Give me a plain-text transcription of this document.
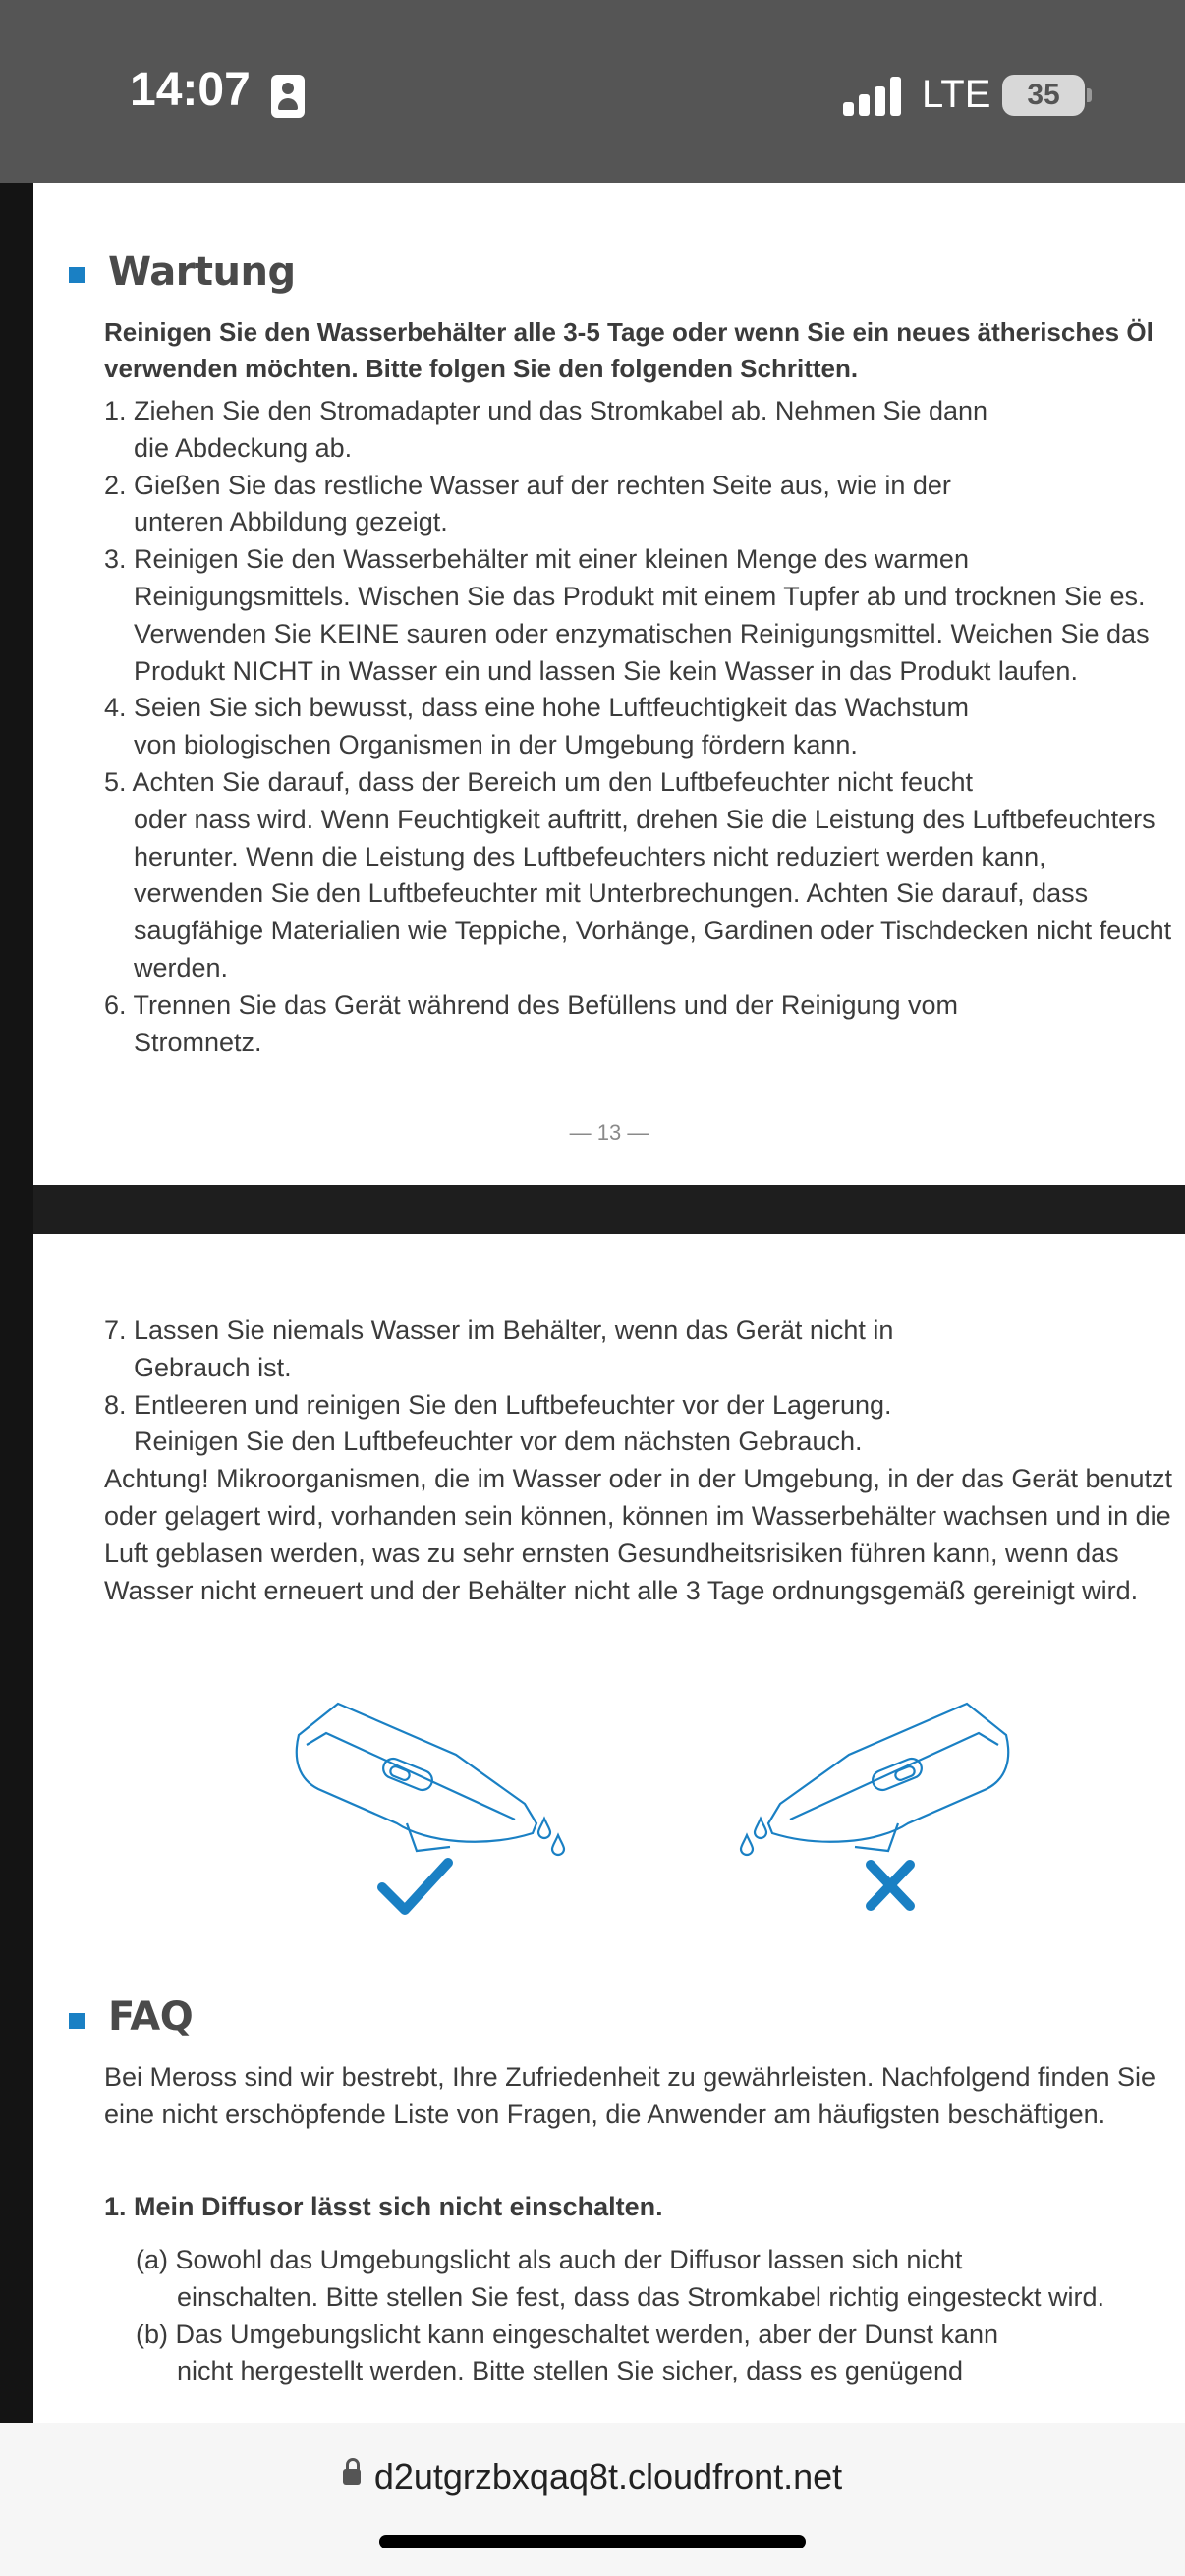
14:07	LTE	35
Wartung
Reinigen Sie den Wasserbehälter alle 3-5 Tage oder wenn Sie ein neues ätherisches Öl verwenden möchten. Bitte folgen Sie den folgenden Schritten.
1. Ziehen Sie den Stromadapter und das Stromkabel ab. Nehmen Sie dann
die Abdeckung ab.
2. Gießen Sie das restliche Wasser auf der rechten Seite aus, wie in der
unteren Abbildung gezeigt.
3. Reinigen Sie den Wasserbehälter mit einer kleinen Menge des warmen
Reinigungsmittels. Wischen Sie das Produkt mit einem Tupfer ab und trocknen Sie es. Verwenden Sie KEINE sauren oder enzymatischen Reinigungsmittel. Weichen Sie das Produkt NICHT in Wasser ein und lassen Sie kein Wasser in das Produkt laufen.
4. Seien Sie sich bewusst, dass eine hohe Luftfeuchtigkeit das Wachstum
von biologischen Organismen in der Umgebung fördern kann.
5. Achten Sie darauf, dass der Bereich um den Luftbefeuchter nicht feucht
oder nass wird. Wenn Feuchtigkeit auftritt, drehen Sie die Leistung des Luftbefeuchters herunter. Wenn die Leistung des Luftbefeuchters nicht reduziert werden kann, verwenden Sie den Luftbefeuchter mit Unterbrechungen. Achten Sie darauf, dass saugfähige Materialien wie Teppiche, Vorhänge, Gardinen oder Tischdecken nicht feucht werden.
6. Trennen Sie das Gerät während des Befüllens und der Reinigung vom
Stromnetz.
— 13 —
7. Lassen Sie niemals Wasser im Behälter, wenn das Gerät nicht in
Gebrauch ist.
8. Entleeren und reinigen Sie den Luftbefeuchter vor der Lagerung.
Reinigen Sie den Luftbefeuchter vor dem nächsten Gebrauch.
Achtung! Mikroorganismen, die im Wasser oder in der Umgebung, in der das Gerät benutzt oder gelagert wird, vorhanden sein können, können im Wasserbehälter wachsen und in die Luft geblasen werden, was zu sehr ernsten Gesundheitsrisiken führen kann, wenn das Wasser nicht erneuert und der Behälter nicht alle 3 Tage ordnungsgemäß gereinigt wird.
FAQ
Bei Meross sind wir bestrebt, Ihre Zufriedenheit zu gewährleisten. Nachfolgend finden Sie eine nicht erschöpfende Liste von Fragen, die Anwender am häufigsten beschäftigen.
1. Mein Diffusor lässt sich nicht einschalten.
(a) Sowohl das Umgebungslicht als auch der Diffusor lassen sich nicht
einschalten. Bitte stellen Sie fest, dass das Stromkabel richtig eingesteckt wird.
(b) Das Umgebungslicht kann eingeschaltet werden, aber der Dunst kann
nicht hergestellt werden. Bitte stellen Sie sicher, dass es genügend
d2utgrzbxqaq8t.cloudfront.net
